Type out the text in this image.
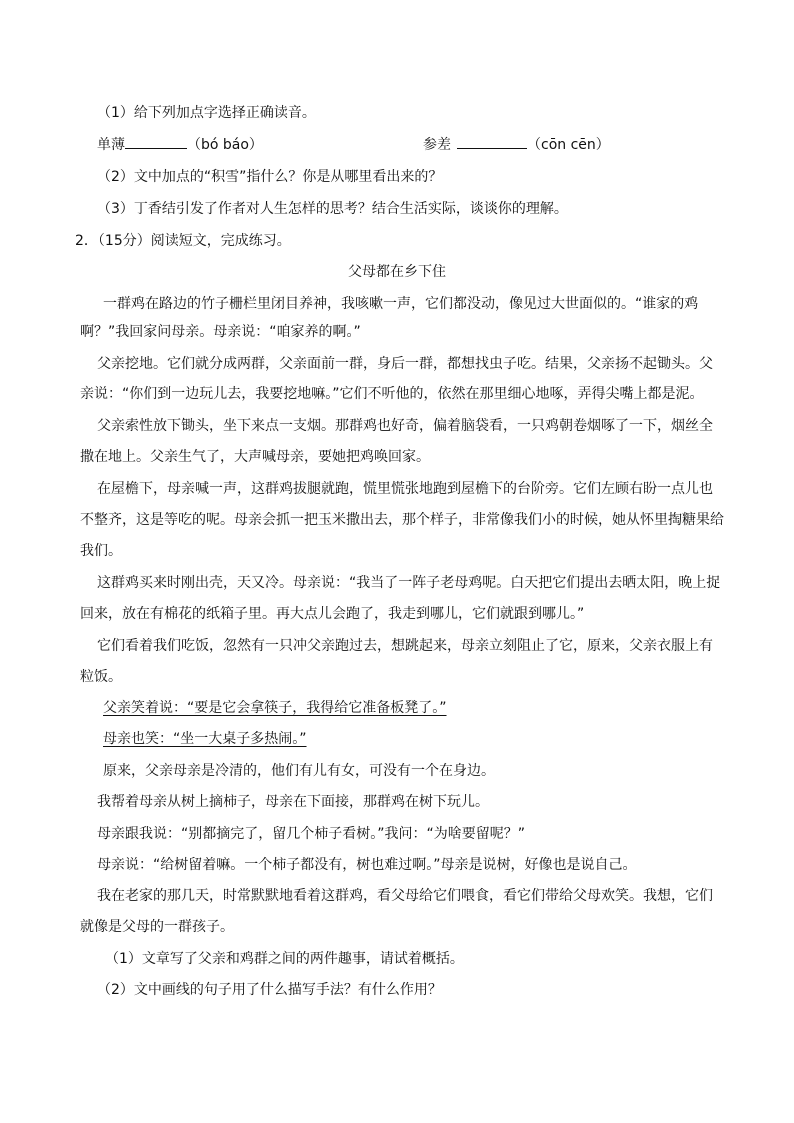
（1）给下列加点字选择正确读音。
单薄	（bó báo）	参差	（cōn cēn）
（2）文中加点的“积雪”指什么？你是从哪里看出来的？
（3）丁香结引发了作者对人生怎样的思考？结合生活实际，谈谈你的理解。
2．（15分）阅读短文，完成练习。
父母都在乡下住
一群鸡在路边的竹子栅栏里闭目养神，我咳嗽一声，它们都没动，像见过大世面似的。“谁家的鸡
啊？”我回家问母亲。母亲说：“咱家养的啊。”
父亲挖地。它们就分成两群，父亲面前一群，身后一群，都想找虫子吃。结果，父亲扬不起锄头。父
亲说：“你们到一边玩儿去，我要挖地嘛。”它们不听他的，依然在那里细心地啄，弄得尖嘴上都是泥。
父亲索性放下锄头，坐下来点一支烟。那群鸡也好奇，偏着脑袋看，一只鸡朝卷烟啄了一下，烟丝全
撒在地上。父亲生气了，大声喊母亲，要她把鸡唤回家。
在屋檐下，母亲喊一声，这群鸡拔腿就跑，慌里慌张地跑到屋檐下的台阶旁。它们左顾右盼一点儿也
不整齐，这是等吃的呢。母亲会抓一把玉米撒出去，那个样子，非常像我们小的时候，她从怀里掏糖果给
我们。
这群鸡买来时刚出壳，天又冷。母亲说：“我当了一阵子老母鸡呢。白天把它们提出去晒太阳，晚上捉
回来，放在有棉花的纸箱子里。再大点儿会跑了，我走到哪儿，它们就跟到哪儿。”
它们看着我们吃饭，忽然有一只冲父亲跑过去，想跳起来，母亲立刻阻止了它，原来，父亲衣服上有
粒饭。
父亲笑着说：“要是它会拿筷子，我得给它准备板凳了。”
母亲也笑：“坐一大桌子多热闹。”
原来，父亲母亲是冷清的，他们有儿有女，可没有一个在身边。
我帮着母亲从树上摘柿子，母亲在下面接，那群鸡在树下玩儿。
母亲跟我说：“别都摘完了，留几个柿子看树。”我问：“为啥要留呢？”
母亲说：“给树留着嘛。一个柿子都没有，树也难过啊。”母亲是说树，好像也是说自己。
我在老家的那几天，时常默默地看着这群鸡，看父母给它们喂食，看它们带给父母欢笑。我想，它们
就像是父母的一群孩子。
（1）文章写了父亲和鸡群之间的两件趣事，请试着概括。
（2）文中画线的句子用了什么描写手法？有什么作用？
